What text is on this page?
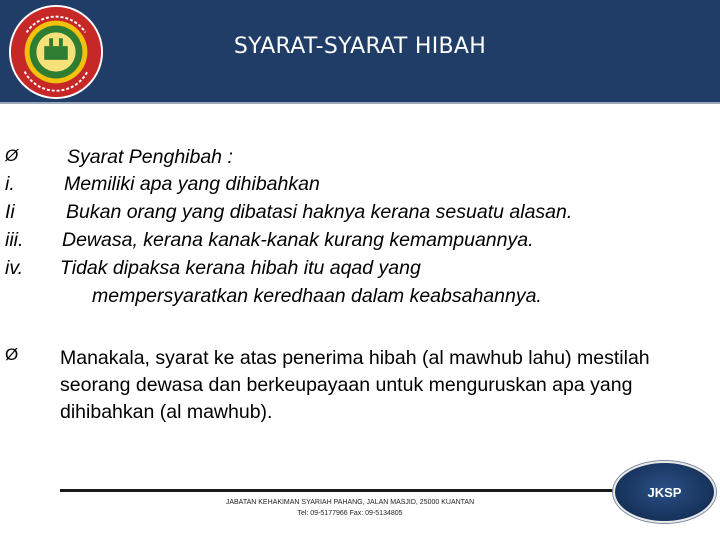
SYARAT-SYARAT HIBAH
Ø	Syarat Penghibah :
i.	Memiliki apa yang dihibahkan
Ii	Bukan orang yang dibatasi haknya kerana sesuatu alasan.
iii. Dewasa, kerana kanak-kanak kurang kemampuannya.
iv. Tidak dipaksa kerana hibah itu aqad yang
mempersyaratkan keredhaan dalam keabsahannya.
Ø Manakala, syarat ke atas penerima hibah (al mawhub lahu) mestilah seorang dewasa dan berkeupayaan untuk menguruskan apa yang dihibahkan (al mawhub).
JABATAN KEHAKIMAN SYARIAH PAHANG, JALAN MASJID, 25000 KUANTAN
Tel: 09-5177966 Fax: 09-5134805
JKSP
